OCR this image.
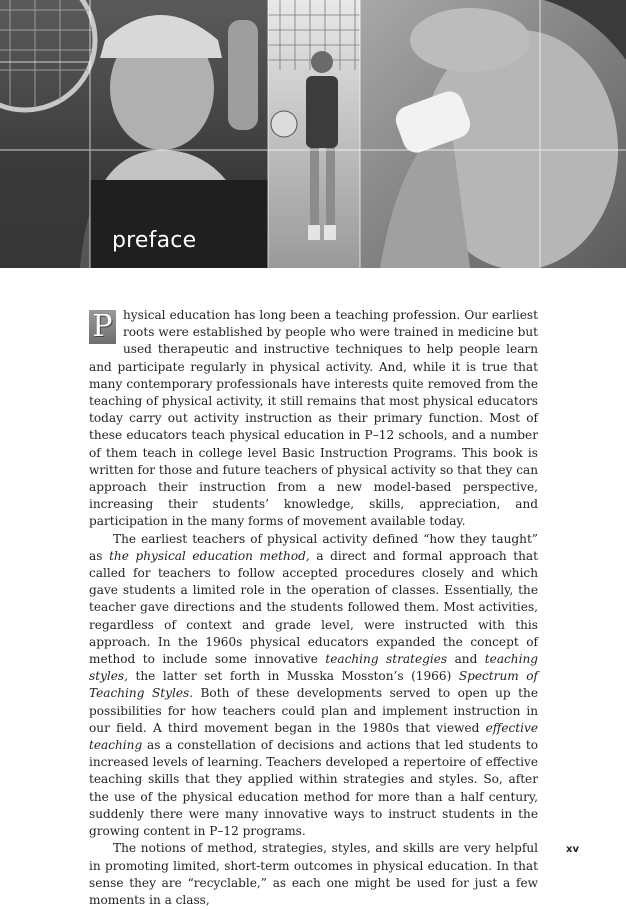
preface

P hysical education has long been a teaching profession. Our earliest roots were established by people who were trained in medicine but used therapeutic and instructive techniques to help people learn and participate regularly in physical activity. And, while it is true that many contemporary professionals have interests quite removed from the teaching of physical activity, it still remains that most physical educators today carry out activity instruction as their primary function. Most of these educators teach physical education in P–12 schools, and a number of them teach in college level Basic Instruction Programs. This book is written for those and future teachers of physical activity so that they can approach their instruction from a new model-based perspective, increasing their students’ knowledge, skills, appreciation, and participation in the many forms of movement available today.

The earliest teachers of physical activity defined “how they taught” as the physical education method, a direct and formal approach that called for teachers to follow accepted procedures closely and which gave students a limited role in the operation of classes. Essentially, the teacher gave directions and the students followed them. Most activities, regardless of context and grade level, were instructed with this approach. In the 1960s physical educators expanded the concept of method to include some innovative teaching strategies and teaching styles, the latter set forth in Musska Mosston’s (1966) Spectrum of Teaching Styles. Both of these developments served to open up the possibilities for how teachers could plan and implement instruction in our field. A third movement began in the 1980s that viewed effective teaching as a constellation of decisions and actions that led students to increased levels of learning. Teachers developed a repertoire of effective teaching skills that they applied within strategies and styles. So, after the use of the physical education method for more than a half century, suddenly there were many innovative ways to instruct students in the growing content in P–12 programs.

The notions of method, strategies, styles, and skills are very helpful in promoting limited, short-term outcomes in physical education. In that sense they are “recyclable,” as each one might be used for just a few moments in a class,

xv
